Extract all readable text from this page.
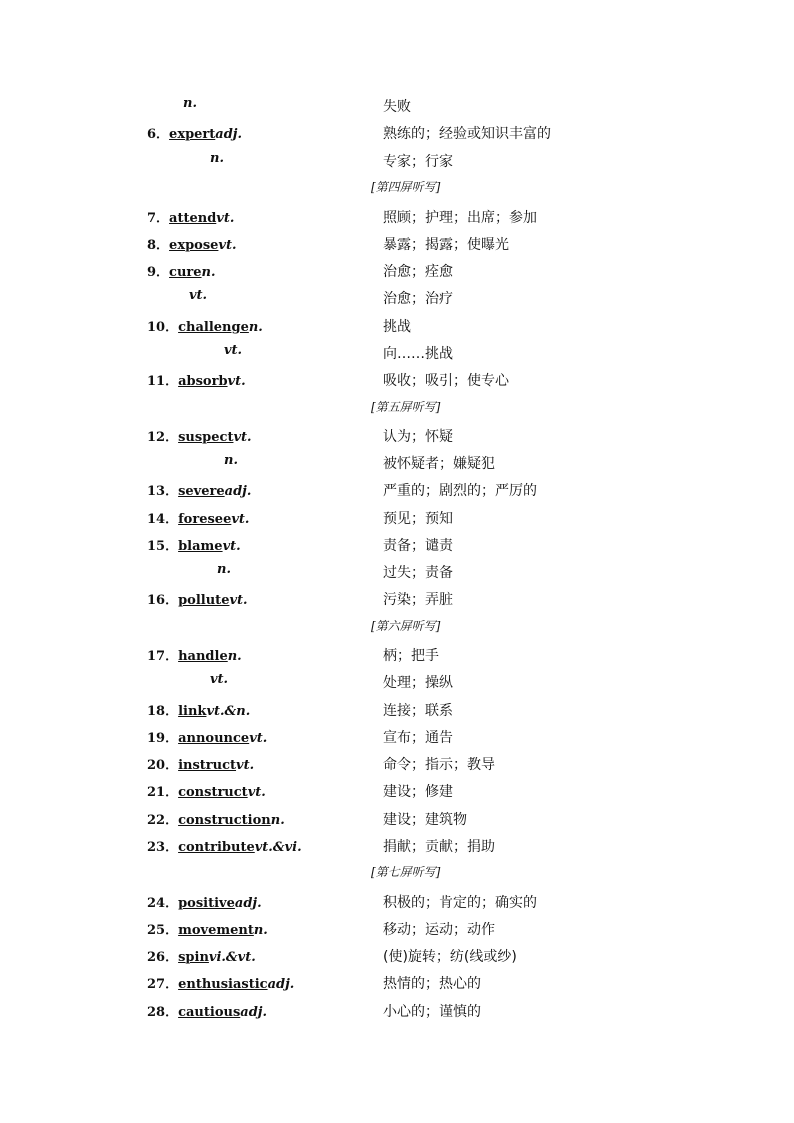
n.	失败
6．expertadj.	熟练的；经验或知识丰富的
n.	专家；行家
[第四屏听写]
7．attendvt.	照顾；护理；出席；参加
8．exposevt.	暴露；揭露；使曝光
9．curen.	治愈；痊愈
vt.	治愈；治疗
10．challengen.	挑战
vt.	向……挑战
11．absorbvt.	吸收；吸引；使专心
[第五屏听写]
12．suspectvt.	认为；怀疑
n.	被怀疑者；嫌疑犯
13．severeadj.	严重的；剧烈的；严厉的
14．foreseevt.	预见；预知
15．blamevt.	责备；谴责
n.	过失；责备
16．pollutevt.	污染；弄脏
[第六屏听写]
17．handlen.	柄；把手
vt.	处理；操纵
18．linkvt.&n.	连接；联系
19．announcevt.	宣布；通告
20．instructvt.	命令；指示；教导
21．constructvt.	建设；修建
22．constructionn.	建设；建筑物
23．contributevt.&vi.	捐献；贡献；捐助
[第七屏听写]
24．positiveadj.	积极的；肯定的；确实的
25．movementn.	移动；运动；动作
26．spinvi.&vt.	(使)旋转；纺(线或纱)
27．enthusiasticadj.	热情的；热心的
28．cautiousadj.	小心的；谨慎的
